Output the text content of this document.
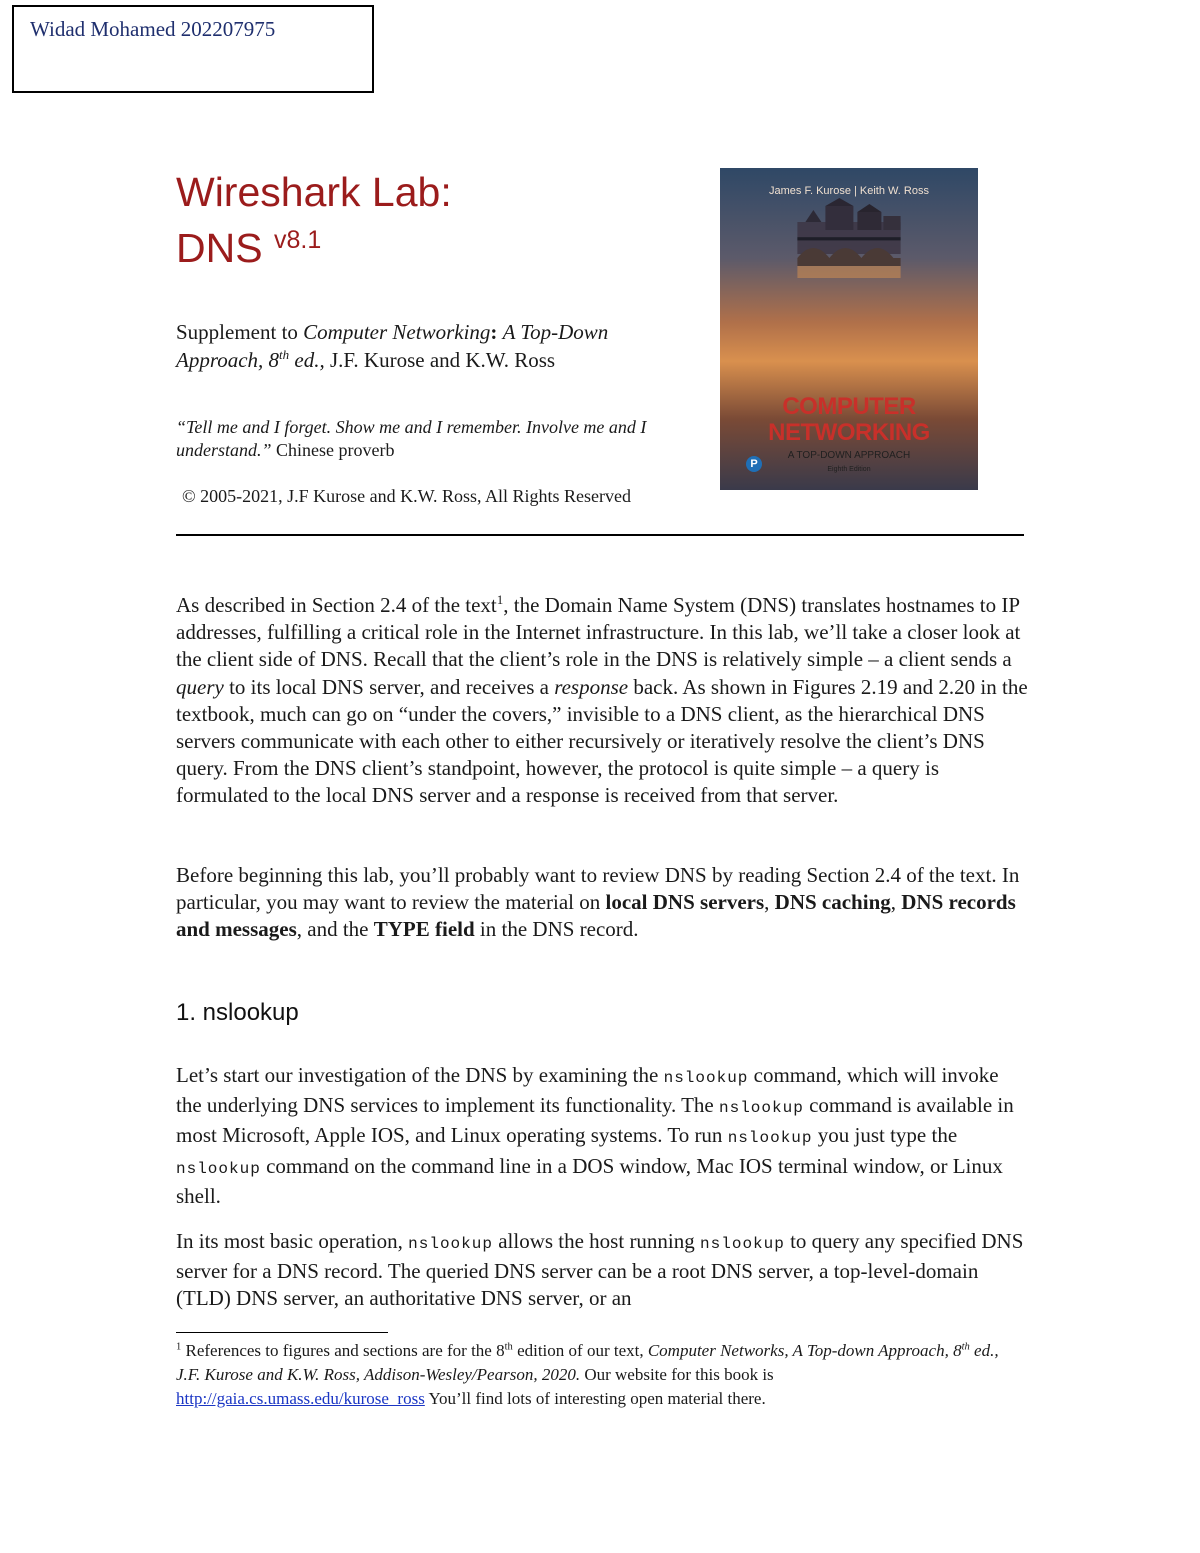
Widad Mohamed 202207975
Wireshark Lab:
DNS $^{v8.1}$
Supplement to Computer Networking: A Top-Down Approach, 8th ed., J.F. Kurose and K.W. Ross
“Tell me and I forget. Show me and I remember. Involve me and I understand.” Chinese proverb
© 2005-2021, J.F Kurose and K.W. Ross, All Rights Reserved
James F. Kurose | Keith W. Ross
COMPUTER
NETWORKING
A TOP-DOWN APPROACH
Eighth Edition
P

As described in Section 2.4 of the text$^1$, the Domain Name System (DNS) translates hostnames to IP addresses, fulfilling a critical role in the Internet infrastructure. In this lab, we’ll take a closer look at the client side of DNS. Recall that the client’s role in the DNS is relatively simple – a client sends a query to its local DNS server, and receives a response back. As shown in Figures 2.19 and 2.20 in the textbook, much can go on “under the covers,” invisible to a DNS client, as the hierarchical DNS servers communicate with each other to either recursively or iteratively resolve the client’s DNS query. From the DNS client’s standpoint, however, the protocol is quite simple – a query is formulated to the local DNS server and a response is received from that server.

Before beginning this lab, you’ll probably want to review DNS by reading Section 2.4 of the text. In particular, you may want to review the material on local DNS servers, DNS caching, DNS records and messages, and the TYPE field in the DNS record.

1. nslookup

Let’s start our investigation of the DNS by examining the nslookup command, which will invoke the underlying DNS services to implement its functionality. The nslookup command is available in most Microsoft, Apple IOS, and Linux operating systems. To run nslookup you just type the nslookup command on the command line in a DOS window, Mac IOS terminal window, or Linux shell.

In its most basic operation, nslookup allows the host running nslookup to query any specified DNS server for a DNS record. The queried DNS server can be a root DNS server, a top-level-domain (TLD) DNS server, an authoritative DNS server, or an

$^1$ References to figures and sections are for the 8th edition of our text, Computer Networks, A Top-down Approach, 8th ed., J.F. Kurose and K.W. Ross, Addison-Wesley/Pearson, 2020. Our website for this book is http://gaia.cs.umass.edu/kurose_ross You’ll find lots of interesting open material there.
